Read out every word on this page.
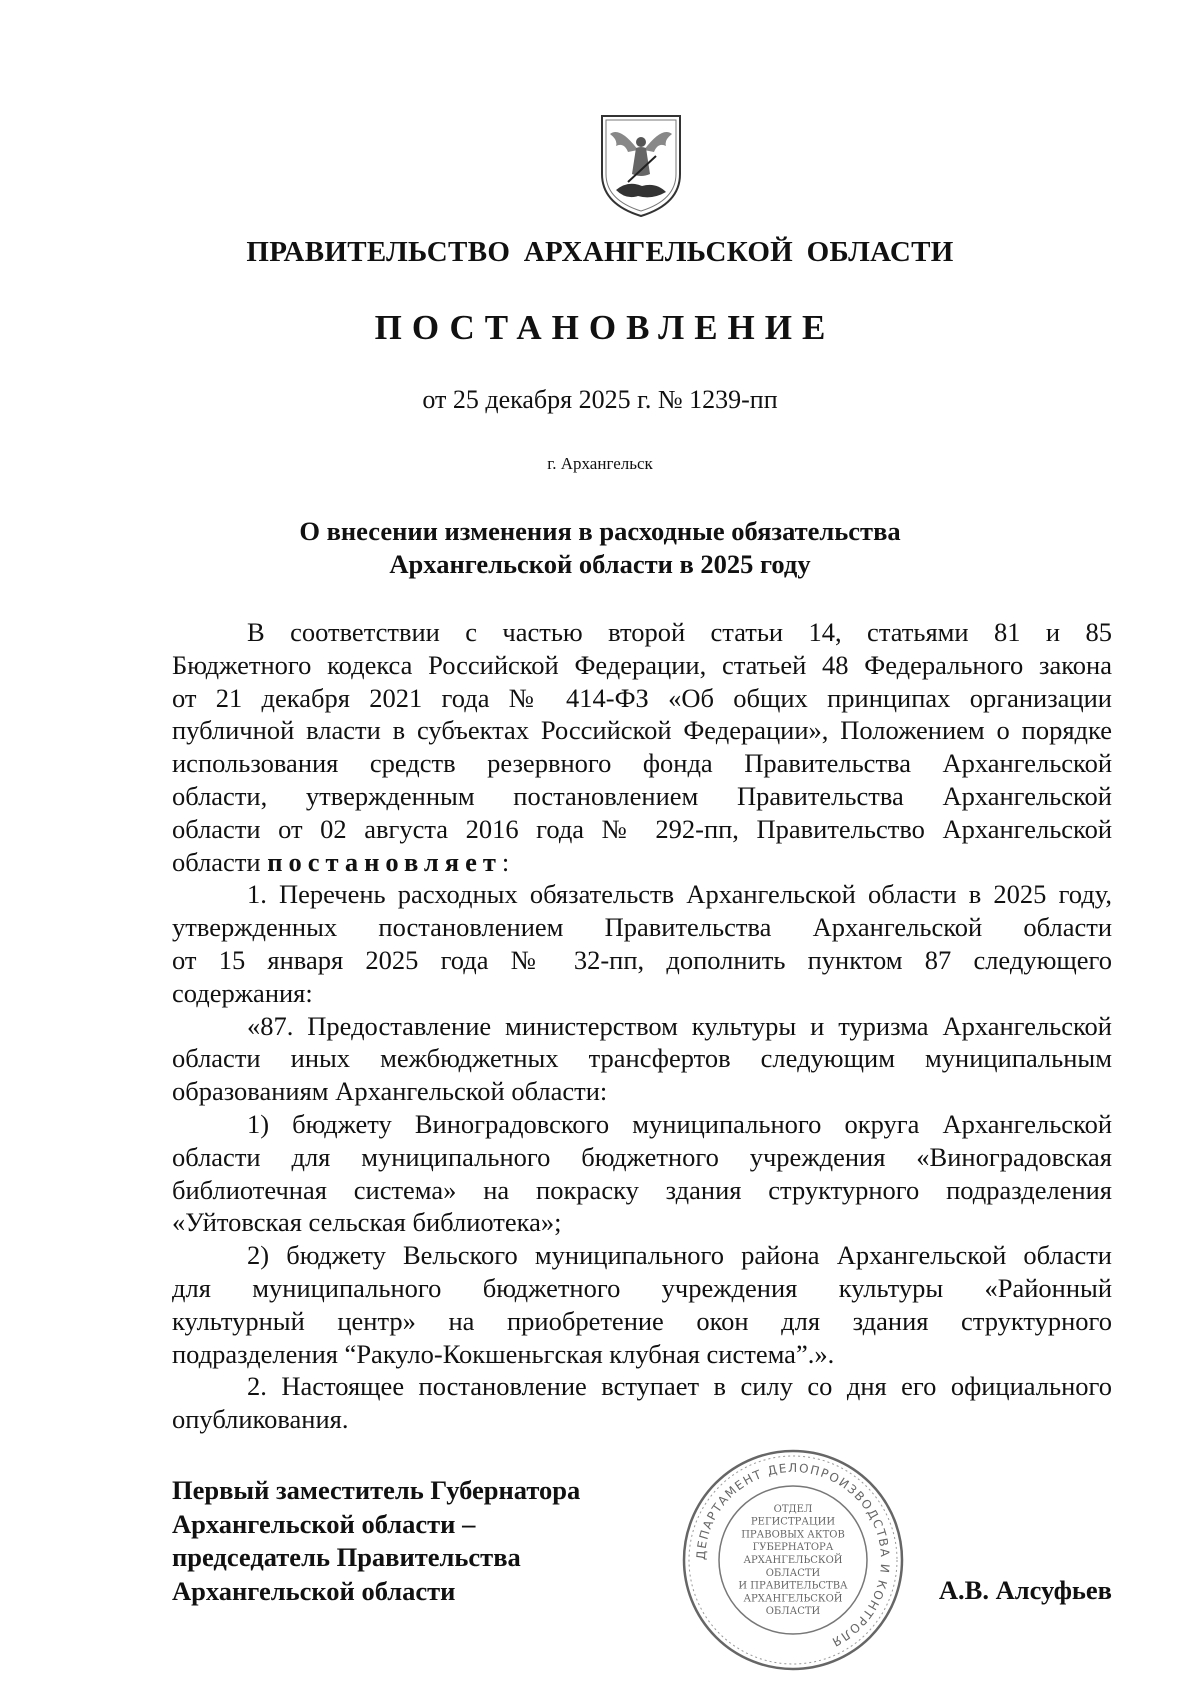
ПРАВИТЕЛЬСТВО АРХАНГЕЛЬСКОЙ ОБЛАСТИ
ПОСТАНОВЛЕНИЕ
от 25 декабря 2025 г. № 1239-пп
г. Архангельск
О внесении изменения в расходные обязательства
Архангельской области в 2025 году
В соответствии с частью второй статьи 14, статьями 81 и 85
Бюджетного кодекса Российской Федерации, статьей 48 Федерального закона
от 21 декабря 2021 года № 414-ФЗ «Об общих принципах организации
публичной власти в субъектах Российской Федерации», Положением о порядке
использования средств резервного фонда Правительства Архангельской
области, утвержденным постановлением Правительства Архангельской
области от 02 августа 2016 года № 292-пп, Правительство Архангельской
области постановляет:
1. Перечень расходных обязательств Архангельской области в 2025 году,
утвержденных постановлением Правительства Архангельской области
от 15 января 2025 года № 32-пп, дополнить пунктом 87 следующего
содержания:
«87. Предоставление министерством культуры и туризма Архангельской
области иных межбюджетных трансфертов следующим муниципальным
образованиям Архангельской области:
1) бюджету Виноградовского муниципального округа Архангельской
области для муниципального бюджетного учреждения «Виноградовская
библиотечная система» на покраску здания структурного подразделения
«Уйтовская сельская библиотека»;
2) бюджету Вельского муниципального района Архангельской области
для муниципального бюджетного учреждения культуры «Районный
культурный центр» на приобретение окон для здания структурного
подразделения “Ракуло-Кокшеньгская клубная система”.».
2. Настоящее постановление вступает в силу со дня его официального
опубликования.
Первый заместитель Губернатора
Архангельской области –
председатель Правительства
Архангельской области
ДЕПАРТАМЕНТ ДЕЛОПРОИЗВОДСТВА И КОНТРОЛЯ
ОТДЕЛ
РЕГИСТРАЦИИ
ПРАВОВЫХ АКТОВ
ГУБЕРНАТОРА
АРХАНГЕЛЬСКОЙ
ОБЛАСТИ
И ПРАВИТЕЛЬСТВА
АРХАНГЕЛЬСКОЙ
ОБЛАСТИ
А.В. Алсуфьев
